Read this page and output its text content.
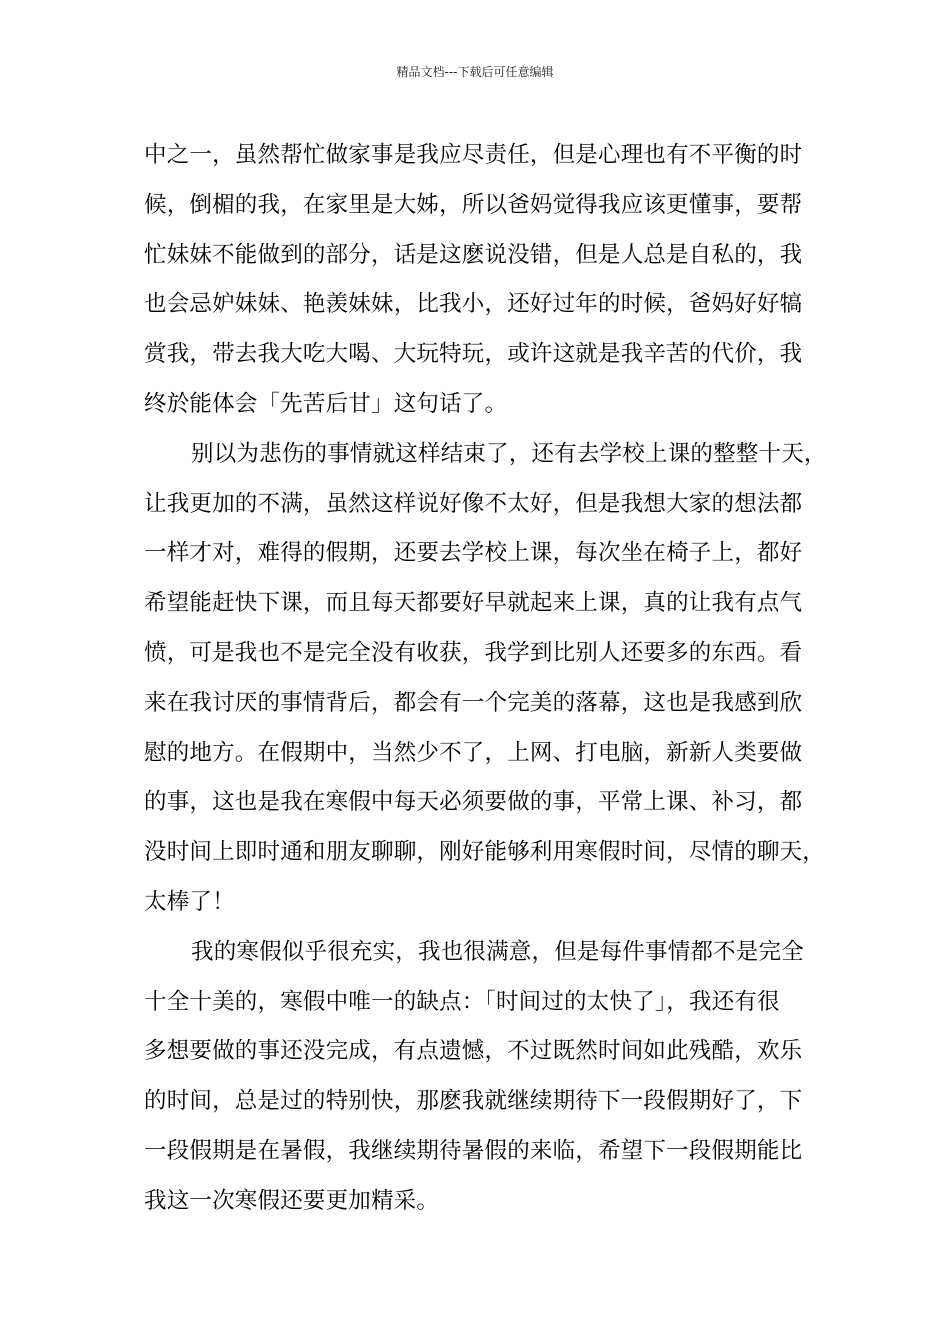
精品文档---下载后可任意编辑
中之一，虽然帮忙做家事是我应尽责任，但是心理也有不平衡的时
候，倒楣的我，在家里是大姊，所以爸妈觉得我应该更懂事，要帮
忙妹妹不能做到的部分，话是这麽说没错，但是人总是自私的，我
也会忌妒妹妹、艳羡妹妹，比我小，还好过年的时候，爸妈好好犒
赏我，带去我大吃大喝、大玩特玩，或许这就是我辛苦的代价，我
终於能体会「先苦后甘」这句话了。
别以为悲伤的事情就这样结束了，还有去学校上课的整整十天，
让我更加的不满，虽然这样说好像不太好，但是我想大家的想法都
一样才对，难得的假期，还要去学校上课，每次坐在椅子上，都好
希望能赶快下课，而且每天都要好早就起来上课，真的让我有点气
愤，可是我也不是完全没有收获，我学到比别人还要多的东西。看
来在我讨厌的事情背后，都会有一个完美的落幕，这也是我感到欣
慰的地方。在假期中，当然少不了，上网、打电脑，新新人类要做
的事，这也是我在寒假中每天必须要做的事，平常上课、补习，都
没时间上即时通和朋友聊聊，刚好能够利用寒假时间，尽情的聊天，
太棒了！
我的寒假似乎很充实，我也很满意，但是每件事情都不是完全
十全十美的，寒假中唯一的缺点：「时间过的太快了」，我还有很
多想要做的事还没完成，有点遗憾，不过既然时间如此残酷，欢乐
的时间，总是过的特别快，那麽我就继续期待下一段假期好了，下
一段假期是在暑假，我继续期待暑假的来临，希望下一段假期能比
我这一次寒假还要更加精采。
